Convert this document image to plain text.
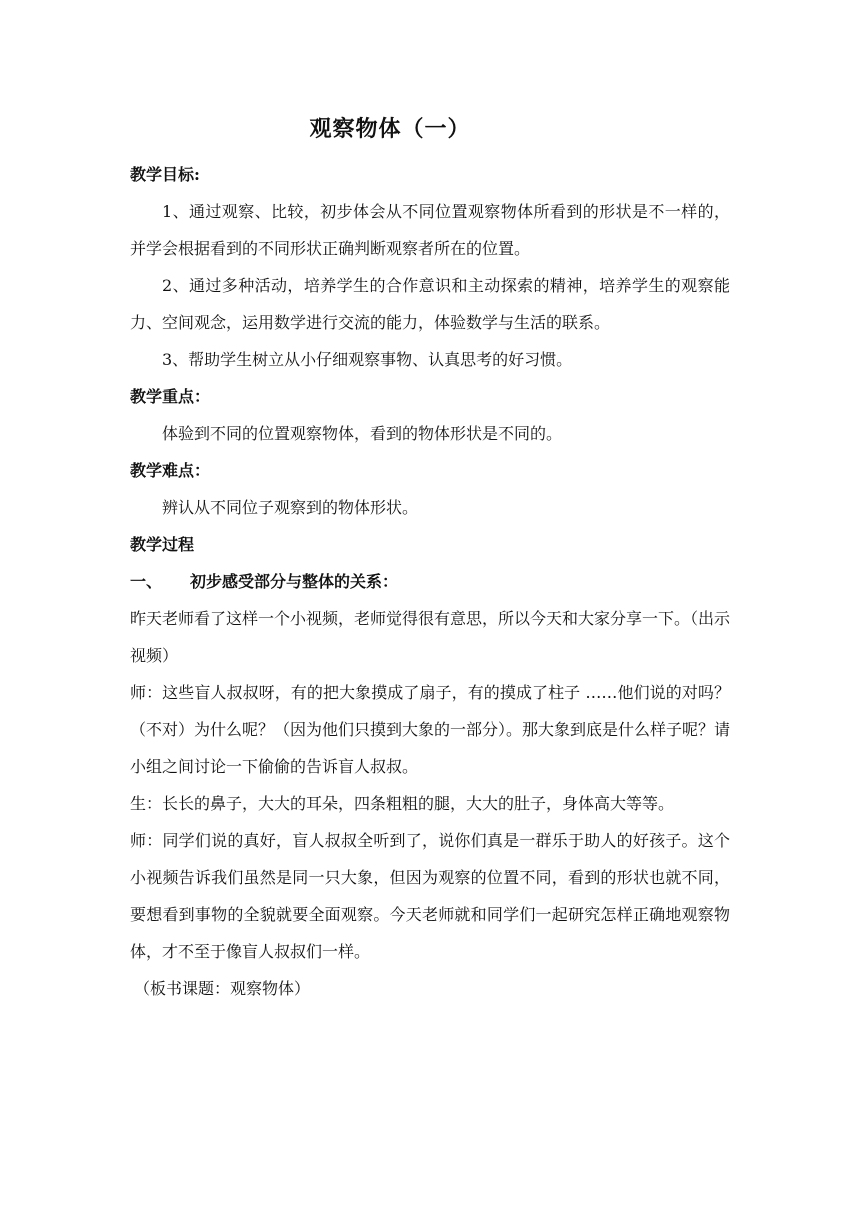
观察物体（一）

教学目标:

1、通过观察、比较，初步体会从不同位置观察物体所看到的形状是不一样的，并学会根据看到的不同形状正确判断观察者所在的位置。

2、通过多种活动，培养学生的合作意识和主动探索的精神，培养学生的观察能力、空间观念，运用数学进行交流的能力，体验数学与生活的联系。

3、帮助学生树立从小仔细观察事物、认真思考的好习惯。

教学重点：

体验到不同的位置观察物体，看到的物体形状是不同的。

教学难点：

辨认从不同位子观察到的物体形状。

教学过程

一、	初步感受部分与整体的关系：

昨天老师看了这样一个小视频，老师觉得很有意思，所以今天和大家分享一下。（出示视频）

师：这些盲人叔叔呀，有的把大象摸成了扇子，有的摸成了柱子 ……他们说的对吗？（不对）为什么呢？（因为他们只摸到大象的一部分）。那大象到底是什么样子呢？请小组之间讨论一下偷偷的告诉盲人叔叔。

生：长长的鼻子，大大的耳朵，四条粗粗的腿，大大的肚子，身体高大等等。

师：同学们说的真好，盲人叔叔全听到了，说你们真是一群乐于助人的好孩子。这个小视频告诉我们虽然是同一只大象，但因为观察的位置不同，看到的形状也就不同，要想看到事物的全貌就要全面观察。今天老师就和同学们一起研究怎样正确地观察物体，才不至于像盲人叔叔们一样。

（板书课题：观察物体）
